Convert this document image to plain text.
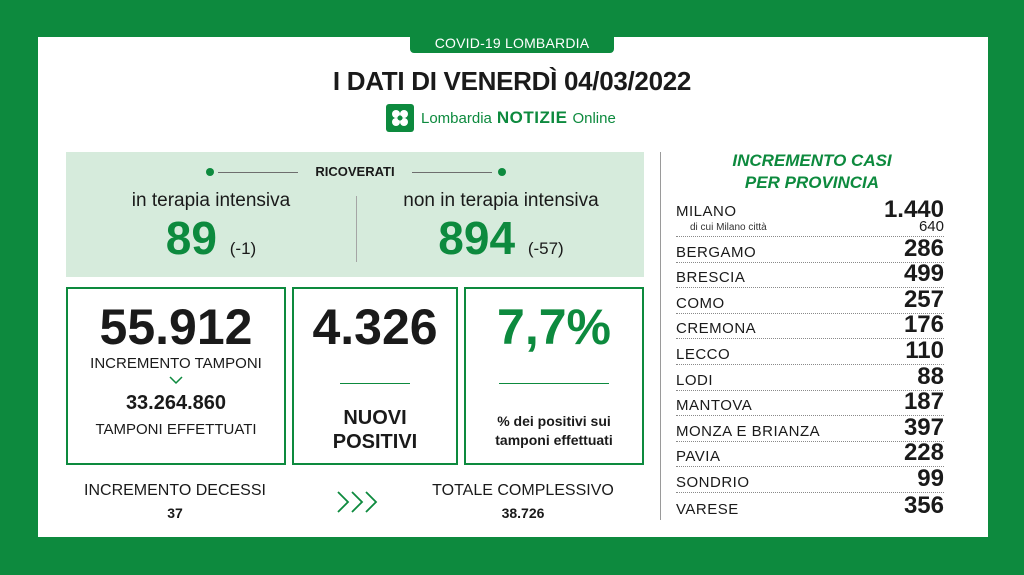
COVID-19 LOMBARDIA
I DATI DI VENERDÌ 04/03/2022
Lombardia NOTIZIE Online
RICOVERATI
in terapia intensiva
89 (-1)
non in terapia intensiva
894 (-57)
55.912
INCREMENTO TAMPONI
33.264.860
TAMPONI EFFETTUATI
4.326
NUOVI
POSITIVI
7,7%
% dei positivi sui
tamponi effettuati
INCREMENTO DECESSI
37
TOTALE COMPLESSIVO
38.726
INCREMENTO CASI
PER PROVINCIA
MILANO	1.440
di cui Milano città	640
BERGAMO	286
BRESCIA	499
COMO	257
CREMONA	176
LECCO	110
LODI	88
MANTOVA	187
MONZA E BRIANZA	397
PAVIA	228
SONDRIO	99
VARESE	356
